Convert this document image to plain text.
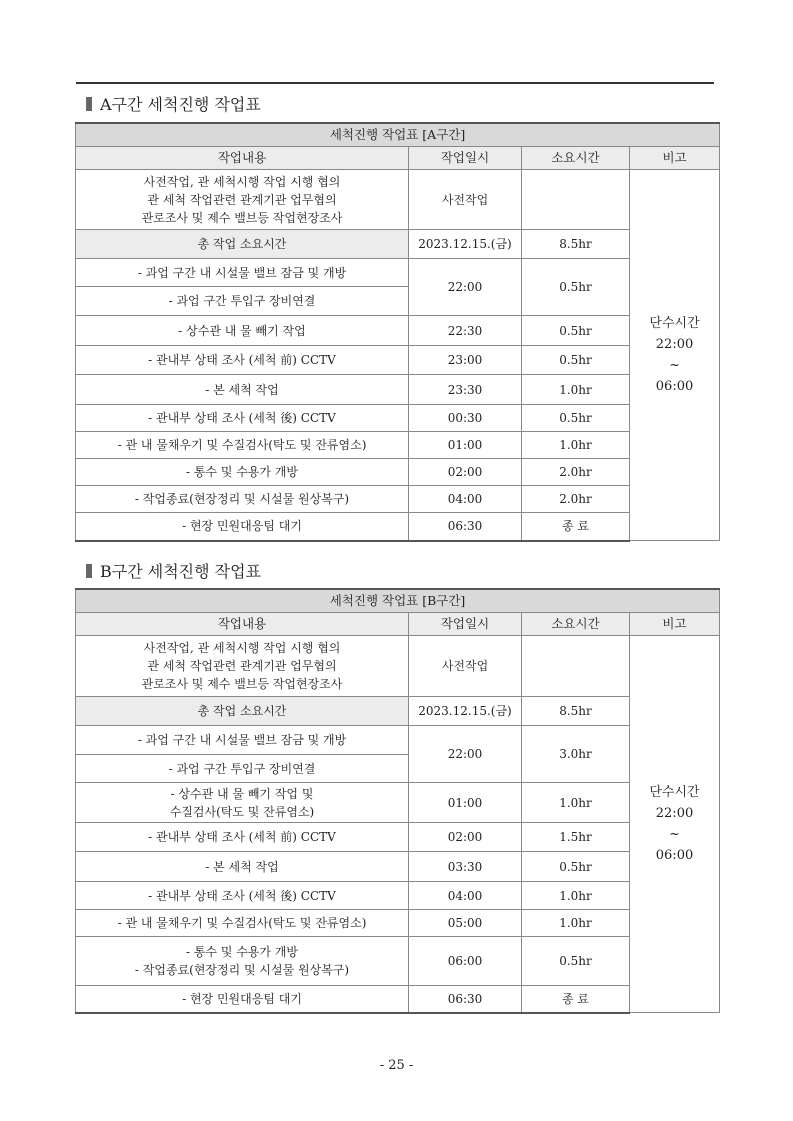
A구간 세척진행 작업표
세척진행 작업표 [A구간]			
작업내용	작업일시	소요시간	비고

사전작업, 관 세척시행 작업 시행 협의
관 세척 작업관련 관계기관 업무협의
관로조사 및 제수 밸브등 작업현장조사	사전작업		단수시간
22:00
~
06:00

총 작업 소요시간	2023.12.15.(금)	8.5hr	
- 과업 구간 내 시설물 밸브 잠금 및 개방	22:00	0.5hr	
- 과업 구간 투입구 장비연결			
- 상수관 내 물 빼기 작업	22:30	0.5hr	
- 관내부 상태 조사 (세척 前) CCTV	23:00	0.5hr	
- 본 세척 작업	23:30	1.0hr	
- 관내부 상태 조사 (세척 後) CCTV	00:30	0.5hr	
- 관 내 물채우기 및 수질검사(탁도 및 잔류염소)	01:00	1.0hr	
- 통수 및 수용가 개방	02:00	2.0hr	
- 작업종료(현장정리 및 시설물 원상복구)	04:00	2.0hr	
- 현장 민원대응팀 대기	06:30	종 료	
B구간 세척진행 작업표
세척진행 작업표 [B구간]			
작업내용	작업일시	소요시간	비고

사전작업, 관 세척시행 작업 시행 협의
관 세척 작업관련 관계기관 업무협의
관로조사 및 제수 밸브등 작업현장조사	사전작업		단수시간
22:00
~
06:00

총 작업 소요시간	2023.12.15.(금)	8.5hr	
- 과업 구간 내 시설물 밸브 잠금 및 개방	22:00	3.0hr	
- 과업 구간 투입구 장비연결			

- 상수관 내 물 빼기 작업 및
수질검사(탁도 및 잔류염소)	01:00	1.0hr	
- 관내부 상태 조사 (세척 前) CCTV	02:00	1.5hr	
- 본 세척 작업	03:30	0.5hr	
- 관내부 상태 조사 (세척 後) CCTV	04:00	1.0hr	
- 관 내 물채우기 및 수질검사(탁도 및 잔류염소)	05:00	1.0hr	

- 통수 및 수용가 개방
- 작업종료(현장정리 및 시설물 원상복구)	06:00	0.5hr	
- 현장 민원대응팀 대기	06:30	종 료	
- 25 -
